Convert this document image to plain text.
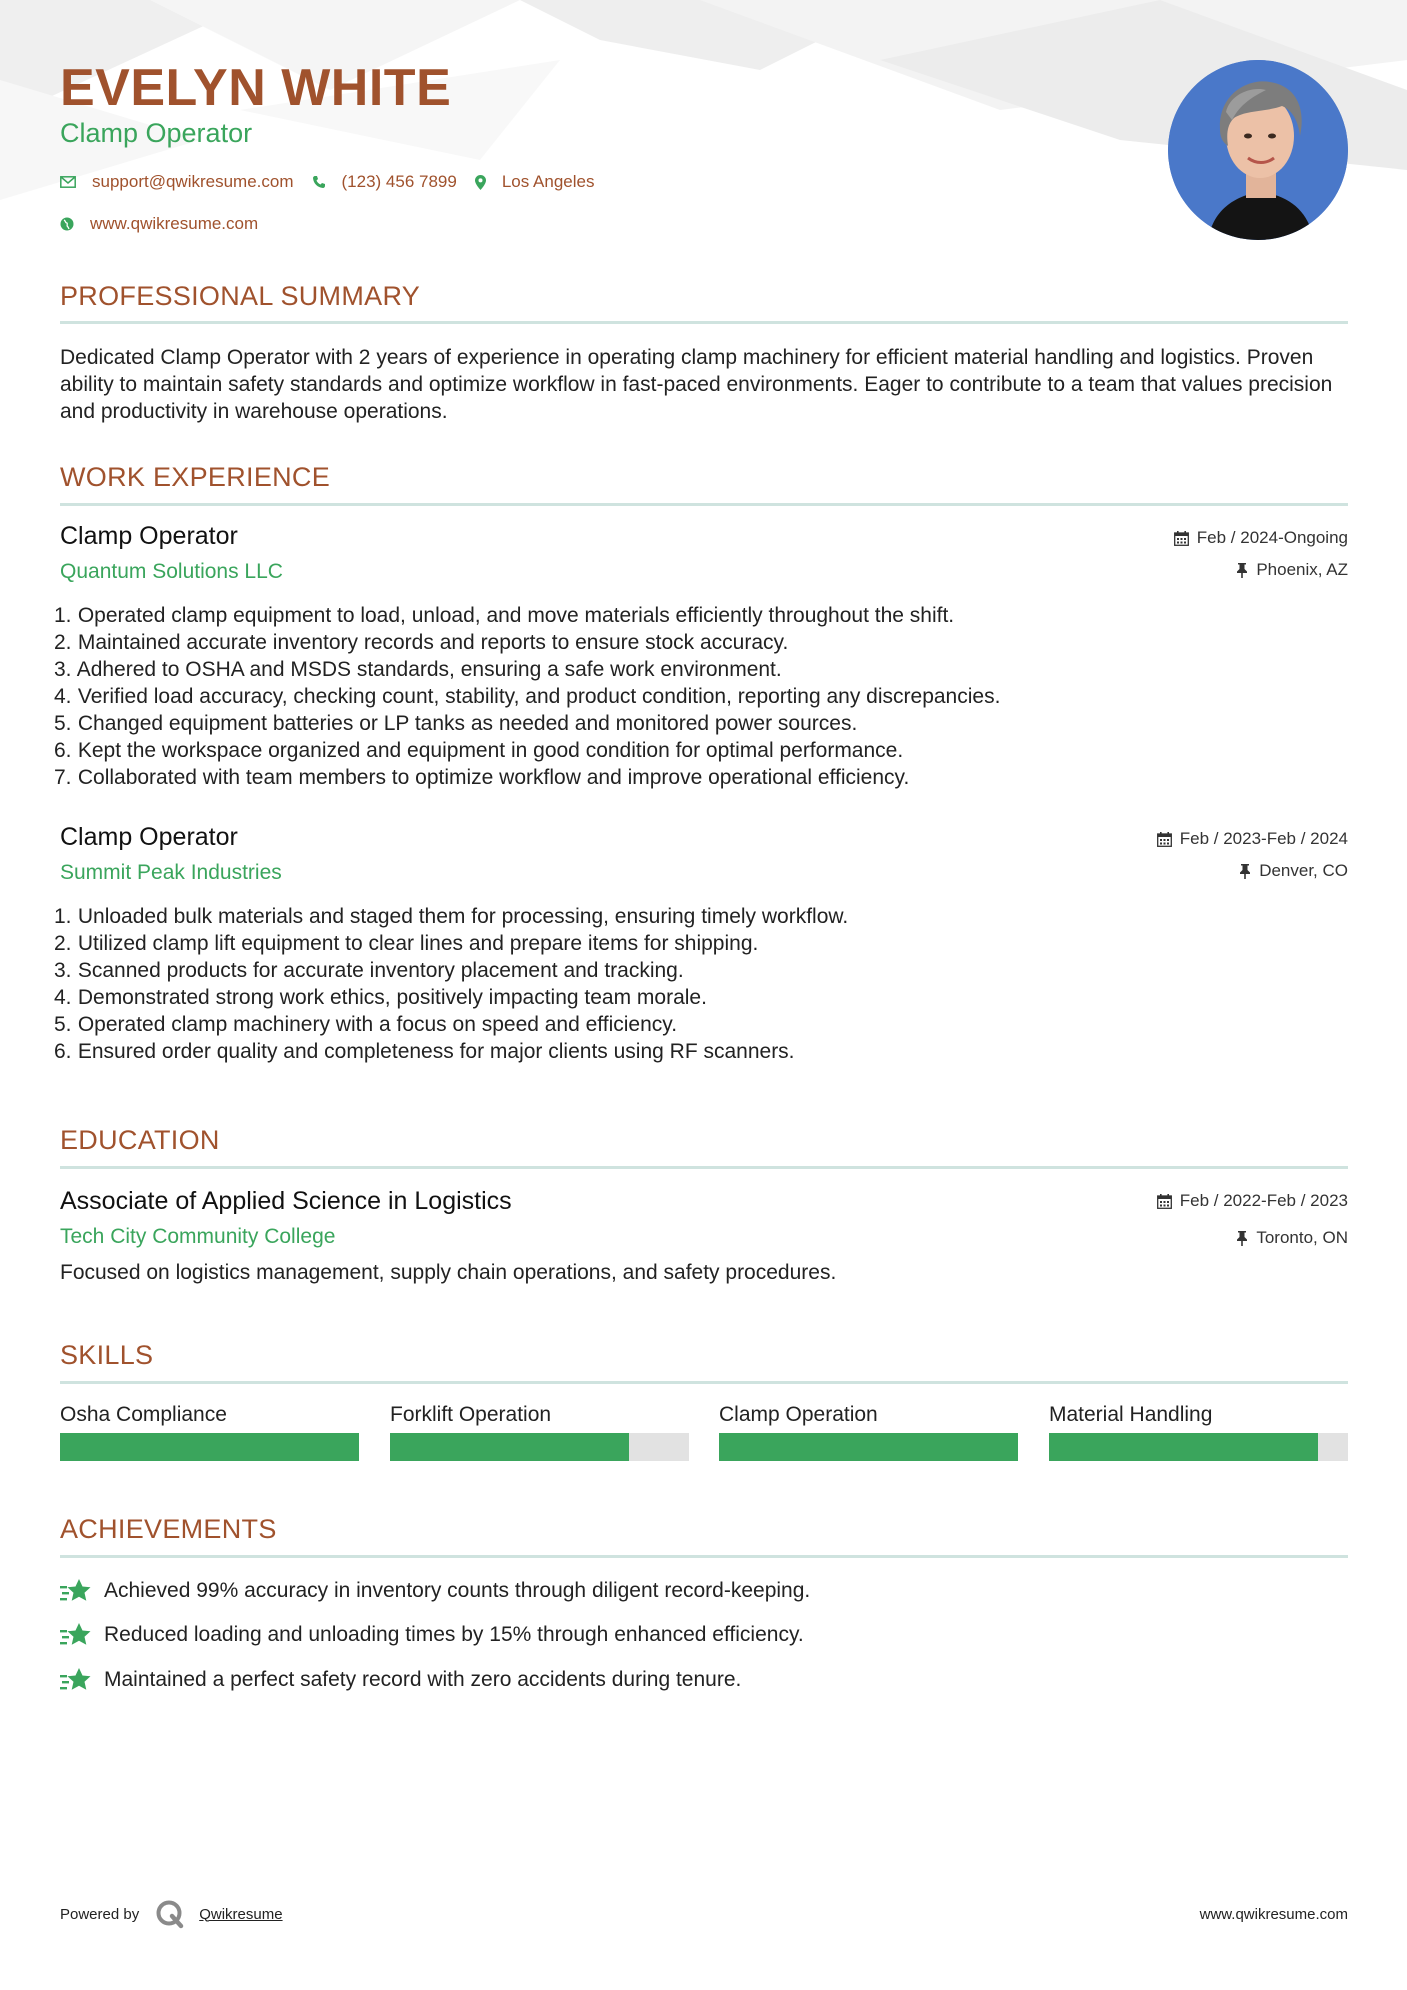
EVELYN WHITE
Clamp Operator
support@qwikresume.com	(123) 456 7899	Los Angeles
www.qwikresume.com
PROFESSIONAL SUMMARY

Dedicated Clamp Operator with 2 years of experience in operating clamp machinery for efficient material handling and logistics. Proven ability to maintain safety standards and optimize workflow in fast-paced environments. Eager to contribute to a team that values precision and productivity in warehouse operations.

WORK EXPERIENCE
Clamp Operator
Quantum Solutions LLC
Feb / 2024-Ongoing
Phoenix, AZ
1. Operated clamp equipment to load, unload, and move materials efficiently throughout the shift.
2. Maintained accurate inventory records and reports to ensure stock accuracy.
3. Adhered to OSHA and MSDS standards, ensuring a safe work environment.
4. Verified load accuracy, checking count, stability, and product condition, reporting any discrepancies.
5. Changed equipment batteries or LP tanks as needed and monitored power sources.
6. Kept the workspace organized and equipment in good condition for optimal performance.
7. Collaborated with team members to optimize workflow and improve operational efficiency.
Clamp Operator
Summit Peak Industries
Feb / 2023-Feb / 2024
Denver, CO
1. Unloaded bulk materials and staged them for processing, ensuring timely workflow.
2. Utilized clamp lift equipment to clear lines and prepare items for shipping.
3. Scanned products for accurate inventory placement and tracking.
4. Demonstrated strong work ethics, positively impacting team morale.
5. Operated clamp machinery with a focus on speed and efficiency.
6. Ensured order quality and completeness for major clients using RF scanners.
EDUCATION
Associate of Applied Science in Logistics
Tech City Community College
Feb / 2022-Feb / 2023
Toronto, ON
Focused on logistics management, supply chain operations, and safety procedures.
SKILLS
Osha Compliance	Forklift Operation	Clamp Operation	Material Handling
ACHIEVEMENTS
Achieved 99% accuracy in inventory counts through diligent record-keeping.
Reduced loading and unloading times by 15% through enhanced efficiency.
Maintained a perfect safety record with zero accidents during tenure.
Powered by	Qwikresume	www.qwikresume.com
